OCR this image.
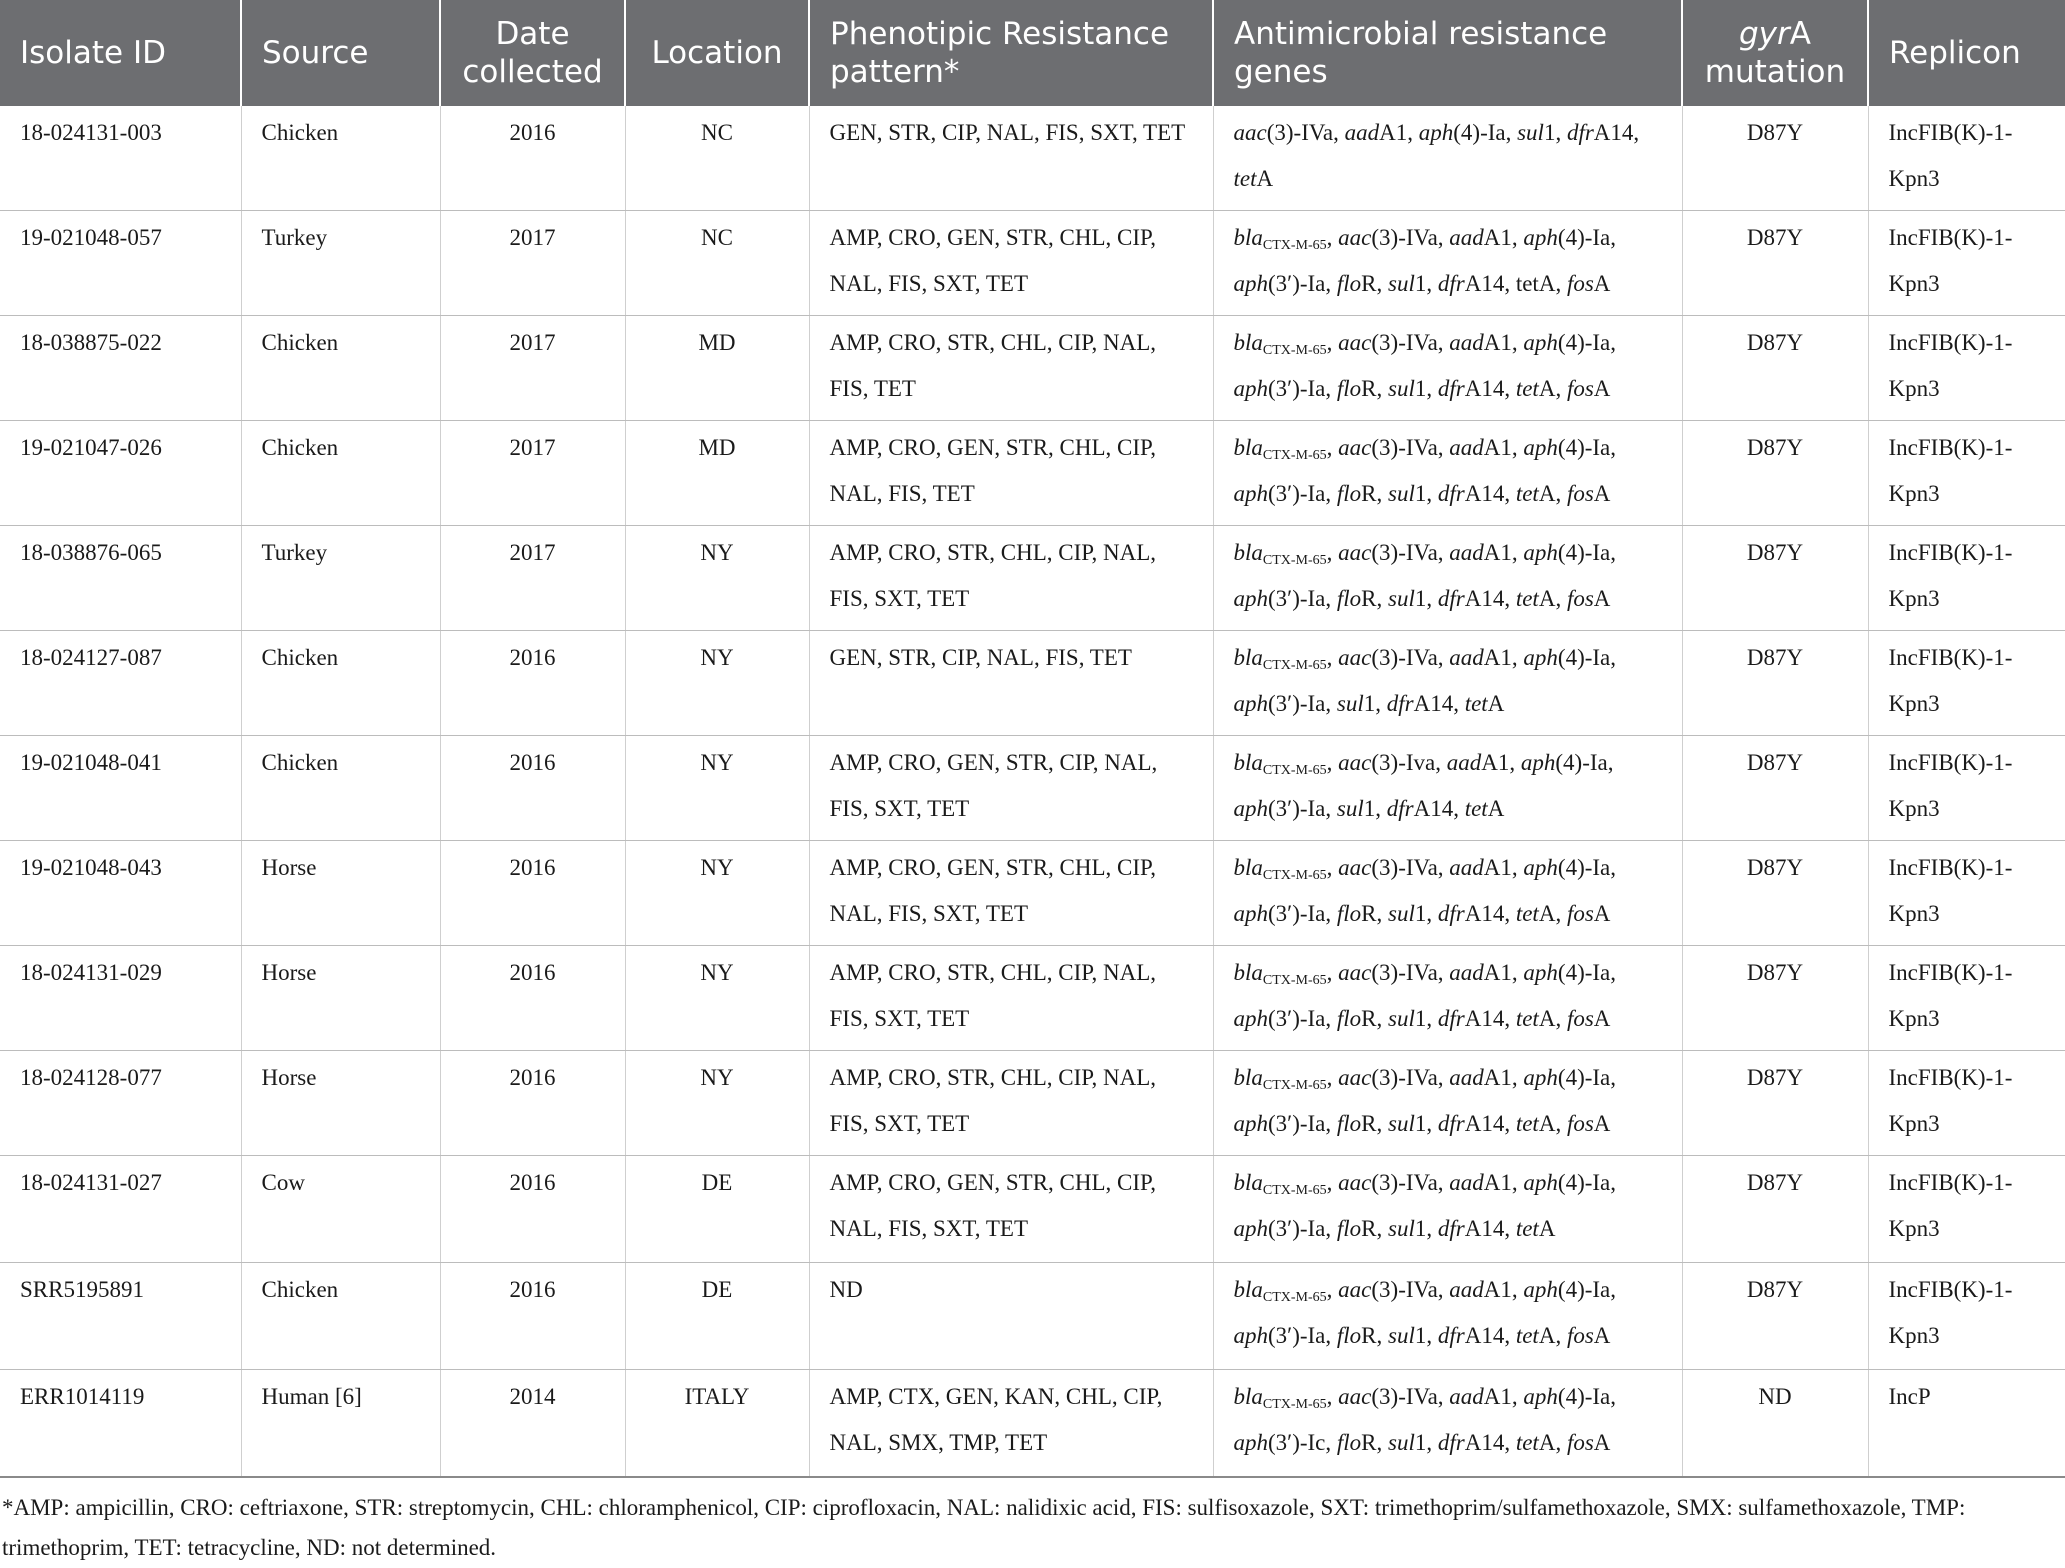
Isolate ID	Source	Date collected	Location	Phenotipic Resistance pattern*	Antimicrobial resistance genes	gyrA mutation	Replicon
18-024131-003	Chicken	2016	NC	GEN, STR, CIP, NAL, FIS, SXT, TET	aac(3)-IVa, aadA1, aph(4)-Ia, sul1, dfrA14, tetA	D87Y	IncFIB(K)-1-Kpn3
19-021048-057	Turkey	2017	NC	AMP, CRO, GEN, STR, CHL, CIP, NAL, FIS, SXT, TET	bla$_{CTX-M-65}$, aac(3)-IVa, aadA1, aph(4)-Ia, aph(3′)-Ia, floR, sul1, dfrA14, tetA, fosA	D87Y	IncFIB(K)-1-Kpn3
18-038875-022	Chicken	2017	MD	AMP, CRO, STR, CHL, CIP, NAL, FIS, TET	bla$_{CTX-M-65}$, aac(3)-IVa, aadA1, aph(4)-Ia, aph(3′)-Ia, floR, sul1, dfrA14, tetA, fosA	D87Y	IncFIB(K)-1-Kpn3
19-021047-026	Chicken	2017	MD	AMP, CRO, GEN, STR, CHL, CIP, NAL, FIS, TET	bla$_{CTX-M-65}$, aac(3)-IVa, aadA1, aph(4)-Ia, aph(3′)-Ia, floR, sul1, dfrA14, tetA, fosA	D87Y	IncFIB(K)-1-Kpn3
18-038876-065	Turkey	2017	NY	AMP, CRO, STR, CHL, CIP, NAL, FIS, SXT, TET	bla$_{CTX-M-65}$, aac(3)-IVa, aadA1, aph(4)-Ia, aph(3′)-Ia, floR, sul1, dfrA14, tetA, fosA	D87Y	IncFIB(K)-1-Kpn3
18-024127-087	Chicken	2016	NY	GEN, STR, CIP, NAL, FIS, TET	bla$_{CTX-M-65}$, aac(3)-IVa, aadA1, aph(4)-Ia, aph(3′)-Ia, sul1, dfrA14, tetA	D87Y	IncFIB(K)-1-Kpn3
19-021048-041	Chicken	2016	NY	AMP, CRO, GEN, STR, CIP, NAL, FIS, SXT, TET	bla$_{CTX-M-65}$, aac(3)-Iva, aadA1, aph(4)-Ia, aph(3′)-Ia, sul1, dfrA14, tetA	D87Y	IncFIB(K)-1-Kpn3
19-021048-043	Horse	2016	NY	AMP, CRO, GEN, STR, CHL, CIP, NAL, FIS, SXT, TET	bla$_{CTX-M-65}$, aac(3)-IVa, aadA1, aph(4)-Ia, aph(3′)-Ia, floR, sul1, dfrA14, tetA, fosA	D87Y	IncFIB(K)-1-Kpn3
18-024131-029	Horse	2016	NY	AMP, CRO, STR, CHL, CIP, NAL, FIS, SXT, TET	bla$_{CTX-M-65}$, aac(3)-IVa, aadA1, aph(4)-Ia, aph(3′)-Ia, floR, sul1, dfrA14, tetA, fosA	D87Y	IncFIB(K)-1-Kpn3
18-024128-077	Horse	2016	NY	AMP, CRO, STR, CHL, CIP, NAL, FIS, SXT, TET	bla$_{CTX-M-65}$, aac(3)-IVa, aadA1, aph(4)-Ia, aph(3′)-Ia, floR, sul1, dfrA14, tetA, fosA	D87Y	IncFIB(K)-1-Kpn3
18-024131-027	Cow	2016	DE	AMP, CRO, GEN, STR, CHL, CIP, NAL, FIS, SXT, TET	bla$_{CTX-M-65}$, aac(3)-IVa, aadA1, aph(4)-Ia, aph(3′)-Ia, floR, sul1, dfrA14, tetA	D87Y	IncFIB(K)-1-Kpn3
SRR5195891	Chicken	2016	DE	ND	bla$_{CTX-M-65}$, aac(3)-IVa, aadA1, aph(4)-Ia, aph(3′)-Ia, floR, sul1, dfrA14, tetA, fosA	D87Y	IncFIB(K)-1-Kpn3
ERR1014119	Human [6]	2014	ITALY	AMP, CTX, GEN, KAN, CHL, CIP, NAL, SMX, TMP, TET	bla$_{CTX-M-65}$, aac(3)-IVa, aadA1, aph(4)-Ia, aph(3′)-Ic, floR, sul1, dfrA14, tetA, fosA	ND	IncP
*AMP: ampicillin, CRO: ceftriaxone, STR: streptomycin, CHL: chloramphenicol, CIP: ciprofloxacin, NAL: nalidixic acid, FIS: sulfisoxazole, SXT: trimethoprim/sulfamethoxazole, SMX: sulfamethoxazole, TMP: trimethoprim, TET: tetracycline, ND: not determined.
